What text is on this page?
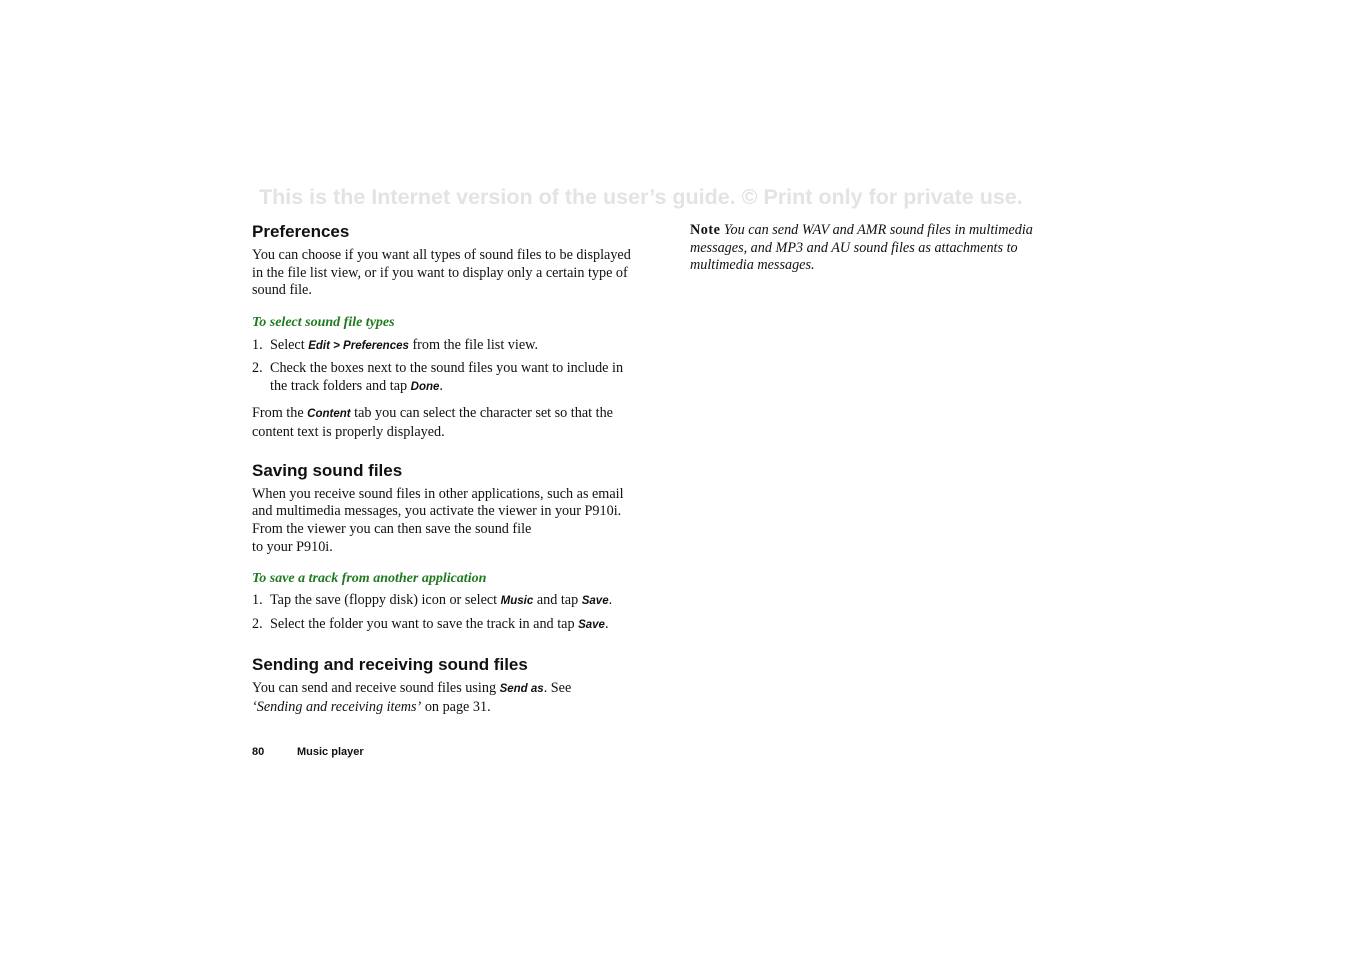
This is the Internet version of the user’s guide. © Print only for private use.
Preferences

You can choose if you want all types of sound files to be displayed in the file list view, or if you want to display only a certain type of sound file.

To select sound file types
1. Select Edit > Preferences from the file list view.
2. Check the boxes next to the sound files you want to include in the track folders and tap Done.

From the Content tab you can select the character set so that the content text is properly displayed.

Saving sound files

When you receive sound files in other applications, such as email and multimedia messages, you activate the viewer in your P910i. From the viewer you can then save the sound file
to your P910i.

To save a track from another application
1. Tap the save (floppy disk) icon or select Music and tap Save.
2. Select the folder you want to save the track in and tap Save.
Sending and receiving sound files

You can send and receive sound files using Send as. See
‘Sending and receiving items’ on page 31.

Note You can send WAV and AMR sound files in multimedia messages, and MP3 and AU sound files as attachments to multimedia messages.

80	Music player
